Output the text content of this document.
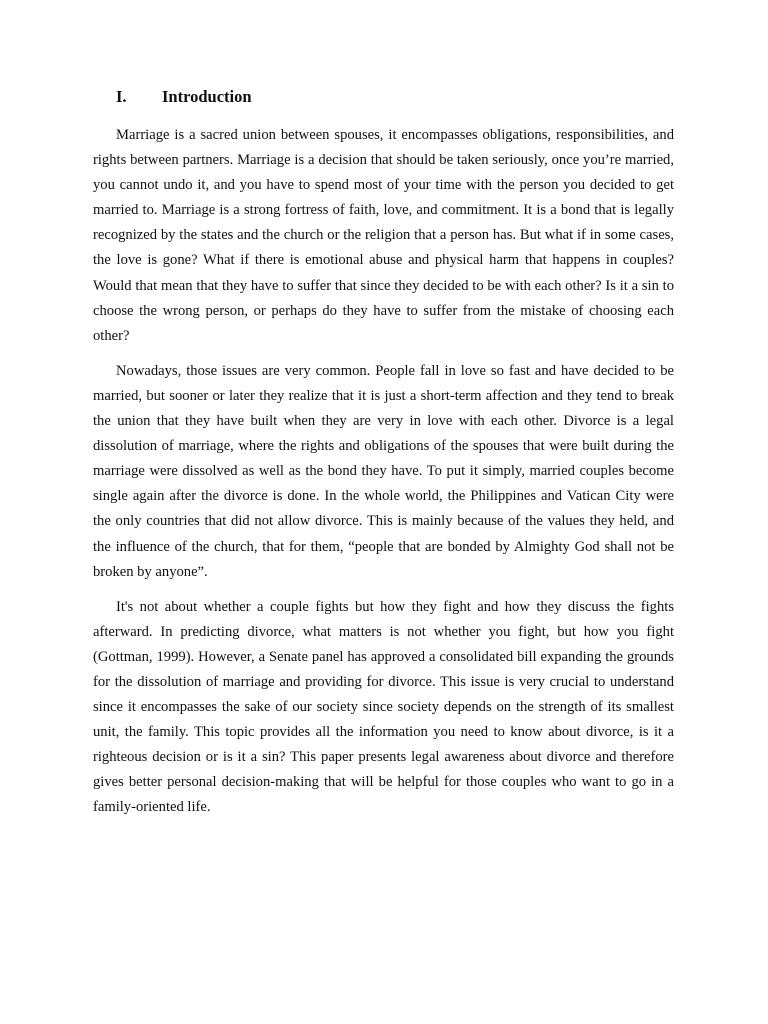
I. Introduction

Marriage is a sacred union between spouses, it encompasses obligations, responsibilities, and rights between partners. Marriage is a decision that should be taken seriously, once you’re married, you cannot undo it, and you have to spend most of your time with the person you decided to get married to. Marriage is a strong fortress of faith, love, and commitment. It is a bond that is legally recognized by the states and the church or the religion that a person has. But what if in some cases, the love is gone? What if there is emotional abuse and physical harm that happens in couples? Would that mean that they have to suffer that since they decided to be with each other? Is it a sin to choose the wrong person, or perhaps do they have to suffer from the mistake of choosing each other?

Nowadays, those issues are very common. People fall in love so fast and have decided to be married, but sooner or later they realize that it is just a short-term affection and they tend to break the union that they have built when they are very in love with each other. Divorce is a legal dissolution of marriage, where the rights and obligations of the spouses that were built during the marriage were dissolved as well as the bond they have. To put it simply, married couples become single again after the divorce is done. In the whole world, the Philippines and Vatican City were the only countries that did not allow divorce. This is mainly because of the values they held, and the influence of the church, that for them, “people that are bonded by Almighty God shall not be broken by anyone”.

It's not about whether a couple fights but how they fight and how they discuss the fights afterward. In predicting divorce, what matters is not whether you fight, but how you fight (Gottman, 1999). However, a Senate panel has approved a consolidated bill expanding the grounds for the dissolution of marriage and providing for divorce. This issue is very crucial to understand since it encompasses the sake of our society since society depends on the strength of its smallest unit, the family. This topic provides all the information you need to know about divorce, is it a righteous decision or is it a sin? This paper presents legal awareness about divorce and therefore gives better personal decision-making that will be helpful for those couples who want to go in a family-oriented life.
